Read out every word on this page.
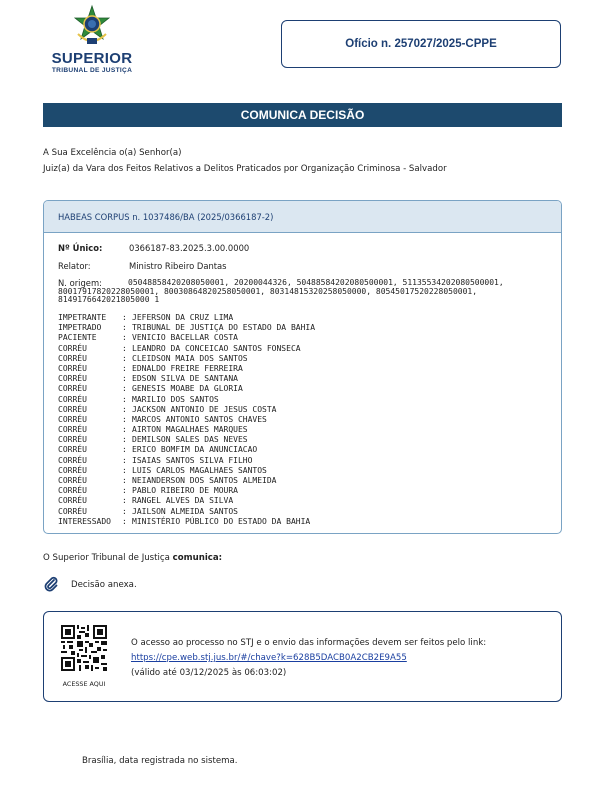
SUPERIOR
TRIBUNAL DE JUSTIÇA
Ofício n. 257027/2025-CPPE
COMUNICA DECISÃO
A Sua Excelência o(a) Senhor(a)
Juiz(a) da Vara dos Feitos Relativos a Delitos Praticados por Organização Criminosa - Salvador
HABEAS CORPUS n. 1037486/BA (2025/0366187-2)
Nº Único:	0366187-83.2025.3.00.0000
Relator:	Ministro Ribeiro Dantas
N. origem:	05048858420208050001, 20200044326, 50488584202080500001, 51135534202080500001,
80017917820228050001, 80030864820258050001, 80314815320258050000, 80545017520228050001,
8149176642021805000 1
IMPETRANTE : JEFERSON DA CRUZ LIMA
IMPETRADO	: TRIBUNAL DE JUSTIÇA DO ESTADO DA BAHIA
PACIENTE	: VENICIO BACELLAR COSTA
CORRÉU	: LEANDRO DA CONCEICAO SANTOS FONSECA
CORRÉU	: CLEIDSON MAIA DOS SANTOS
CORRÉU	: EDNALDO FREIRE FERREIRA
CORRÉU	: EDSON SILVA DE SANTANA
CORRÉU	: GENESIS MOABE DA GLORIA
CORRÉU	: MARILIO DOS SANTOS
CORRÉU	: JACKSON ANTONIO DE JESUS COSTA
CORRÉU	: MARCOS ANTONIO SANTOS CHAVES
CORRÉU	: AIRTON MAGALHAES MARQUES
CORRÉU	: DEMILSON SALES DAS NEVES
CORRÉU	: ERICO BOMFIM DA ANUNCIACAO
CORRÉU	: ISAIAS SANTOS SILVA FILHO
CORRÉU	: LUIS CARLOS MAGALHAES SANTOS
CORRÉU	: NEIANDERSON DOS SANTOS ALMEIDA
CORRÉU	: PABLO RIBEIRO DE MOURA
CORRÉU	: RANGEL ALVES DA SILVA
CORRÉU	: JAILSON ALMEIDA SANTOS
INTERESSADO : MINISTÉRIO PÚBLICO DO ESTADO DA BAHIA
O Superior Tribunal de Justiça comunica:
Decisão anexa.
ACESSE AQUI
O acesso ao processo no STJ e o envio das informações devem ser feitos pelo link:
https://cpe.web.stj.jus.br/#/chave?k=628B5DACB0A2CB2E9A55
(válido até 03/12/2025 às 06:03:02)
Brasília, data registrada no sistema.
